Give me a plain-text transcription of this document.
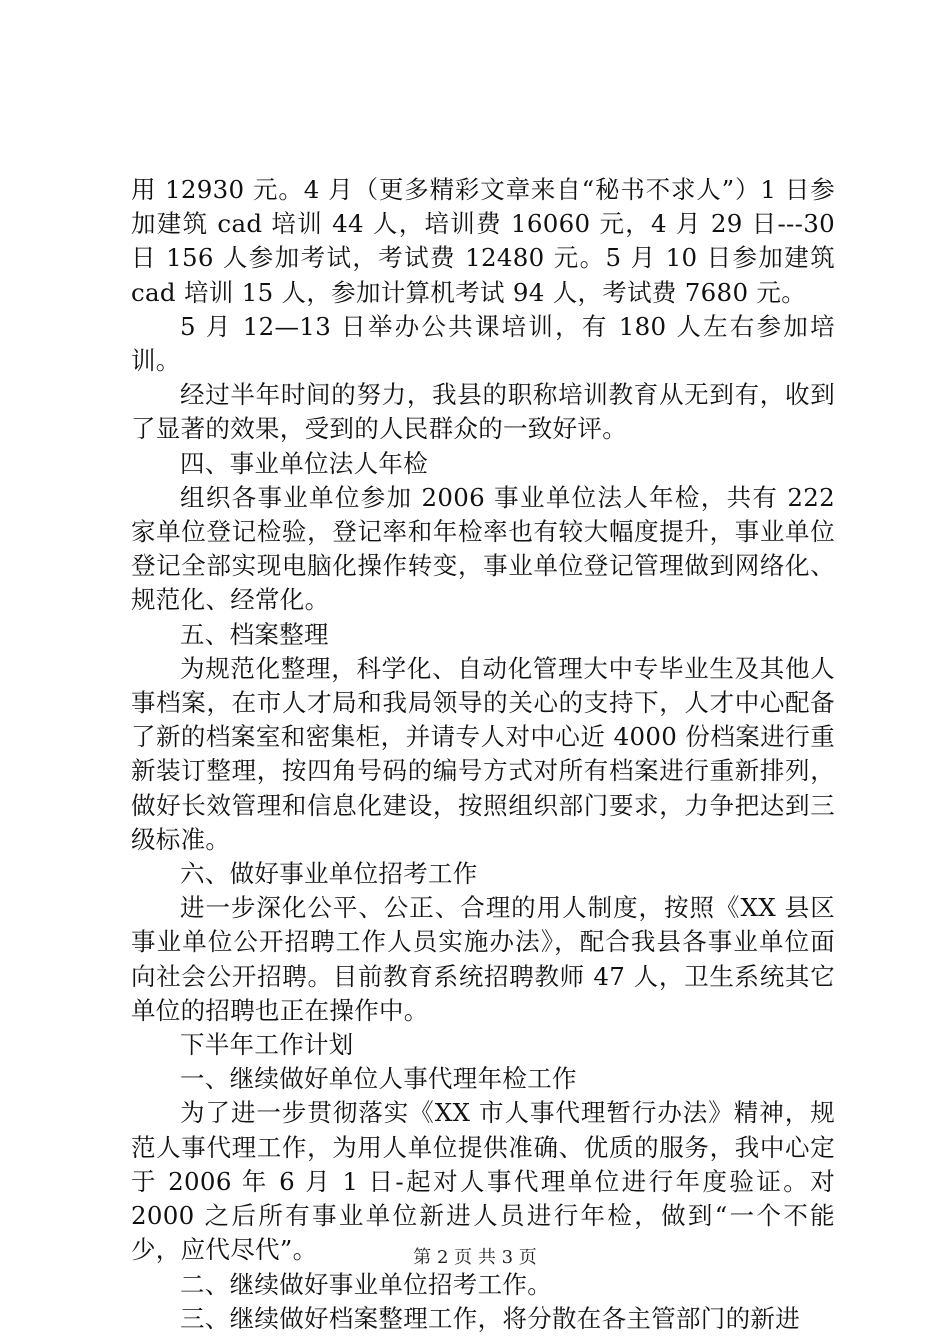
用 12930 元。4 月（更多精彩文章来自“秘书不求人”）1 日参加建筑 cad 培训 44 人，培训费 16060 元，4 月 29 日---30 日 156 人参加考试，考试费 12480 元。5 月 10 日参加建筑 cad 培训 15 人，参加计算机考试 94 人，考试费 7680 元。

5 月 12—13 日举办公共课培训，有 180 人左右参加培训。

经过半年时间的努力，我县的职称培训教育从无到有，收到了显著的效果，受到的人民群众的一致好评。

四、事业单位法人年检

组织各事业单位参加 2006 事业单位法人年检，共有 222 家单位登记检验，登记率和年检率也有较大幅度提升，事业单位登记全部实现电脑化操作转变，事业单位登记管理做到网络化、规范化、经常化。

五、档案整理

为规范化整理，科学化、自动化管理大中专毕业生及其他人事档案，在市人才局和我局领导的关心的支持下，人才中心配备了新的档案室和密集柜，并请专人对中心近 4000 份档案进行重新装订整理，按四角号码的编号方式对所有档案进行重新排列，做好长效管理和信息化建设，按照组织部门要求，力争把达到三级标准。

六、做好事业单位招考工作

进一步深化公平、公正、合理的用人制度，按照《XX 县区事业单位公开招聘工作人员实施办法》，配合我县各事业单位面向社会公开招聘。目前教育系统招聘教师 47 人，卫生系统其它单位的招聘也正在操作中。

下半年工作计划

一、继续做好单位人事代理年检工作

为了进一步贯彻落实《XX 市人事代理暂行办法》精神，规范人事代理工作，为用人单位提供准确、优质的服务，我中心定于 2006 年 6 月 1 日-起对人事代理单位进行年度验证。对 2000 之后所有事业单位新进人员进行年检，做到“一个不能少，应代尽代”。

二、继续做好事业单位招考工作。

三、继续做好档案整理工作，将分散在各主管部门的新进

第 2 页 共 3 页
